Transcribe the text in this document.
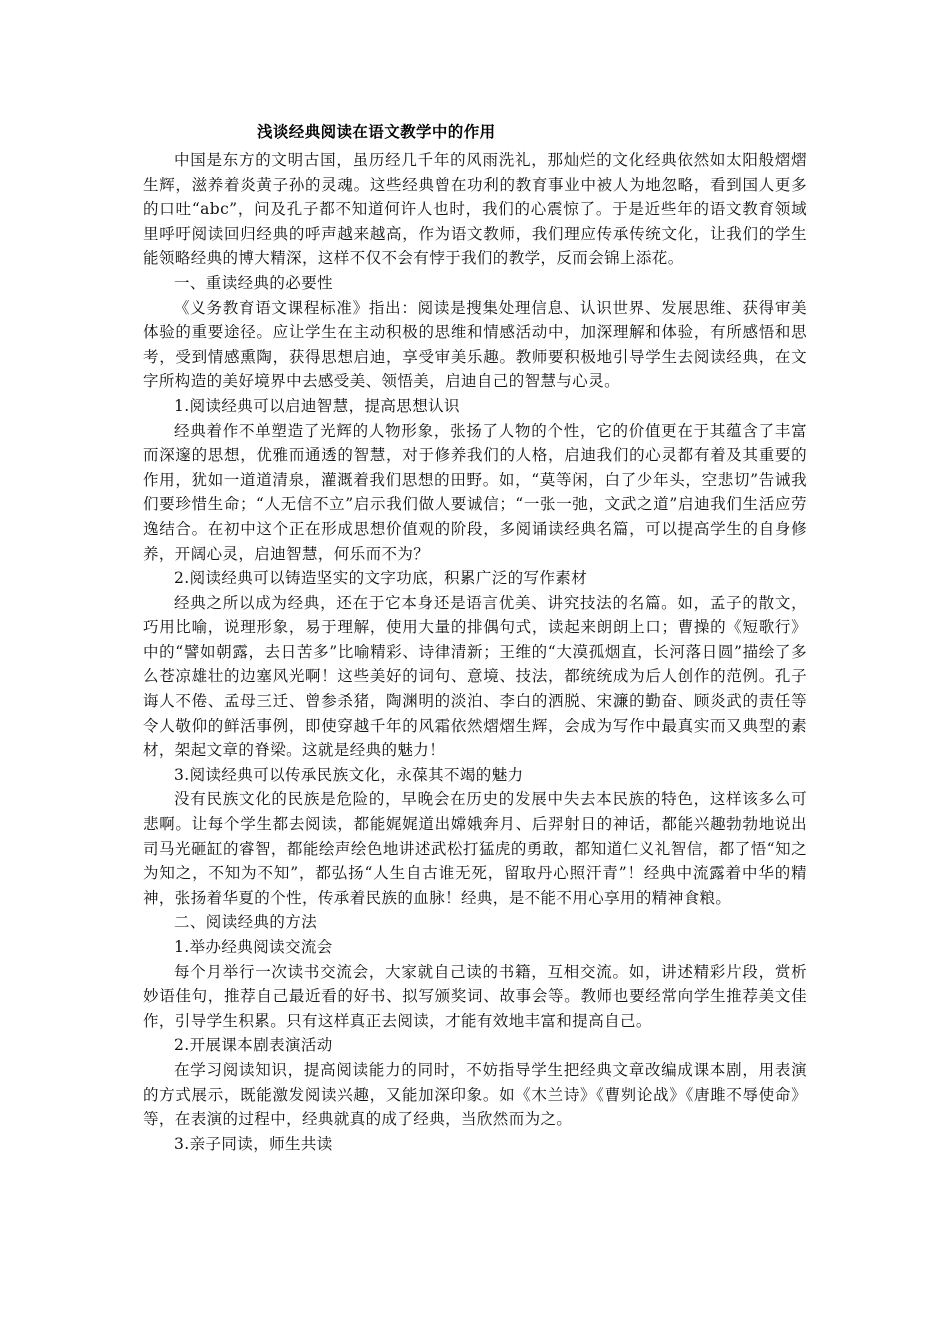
浅谈经典阅读在语文教学中的作用

中国是东方的文明古国，虽历经几千年的风雨洗礼，那灿烂的文化经典依然如太阳般熠熠生辉，滋养着炎黄子孙的灵魂。这些经典曾在功利的教育事业中被人为地忽略，看到国人更多的口吐“abc”，问及孔子都不知道何许人也时，我们的心震惊了。于是近些年的语文教育领域里呼吁阅读回归经典的呼声越来越高，作为语文教师，我们理应传承传统文化，让我们的学生能领略经典的博大精深，这样不仅不会有悖于我们的教学，反而会锦上添花。

一、重读经典的必要性

《义务教育语文课程标准》指出：阅读是搜集处理信息、认识世界、发展思维、获得审美体验的重要途径。应让学生在主动积极的思维和情感活动中，加深理解和体验，有所感悟和思考，受到情感熏陶，获得思想启迪，享受审美乐趣。教师要积极地引导学生去阅读经典，在文字所构造的美好境界中去感受美、领悟美，启迪自己的智慧与心灵。

1.阅读经典可以启迪智慧，提高思想认识

经典着作不单塑造了光辉的人物形象，张扬了人物的个性，它的价值更在于其蕴含了丰富而深邃的思想，优雅而通透的智慧，对于修养我们的人格，启迪我们的心灵都有着及其重要的作用，犹如一道道清泉，灌溉着我们思想的田野。如，“莫等闲，白了少年头，空悲切”告诫我们要珍惜生命；“人无信不立”启示我们做人要诚信；“一张一弛，文武之道”启迪我们生活应劳逸结合。在初中这个正在形成思想价值观的阶段，多阅诵读经典名篇，可以提高学生的自身修养，开阔心灵，启迪智慧，何乐而不为？

2.阅读经典可以铸造坚实的文字功底，积累广泛的写作素材

经典之所以成为经典，还在于它本身还是语言优美、讲究技法的名篇。如，孟子的散文，巧用比喻，说理形象，易于理解，使用大量的排偶句式，读起来朗朗上口；曹操的《短歌行》中的“譬如朝露，去日苦多”比喻精彩、诗律清新；王维的“大漠孤烟直，长河落日圆”描绘了多么苍凉雄壮的边塞风光啊！这些美好的词句、意境、技法，都统统成为后人创作的范例。孔子诲人不倦、孟母三迁、曾参杀猪，陶渊明的淡泊、李白的洒脱、宋濂的勤奋、顾炎武的责任等令人敬仰的鲜活事例，即使穿越千年的风霜依然熠熠生辉，会成为写作中最真实而又典型的素材，架起文章的脊梁。这就是经典的魅力！

3.阅读经典可以传承民族文化，永葆其不竭的魅力

没有民族文化的民族是危险的，早晚会在历史的发展中失去本民族的特色，这样该多么可悲啊。让每个学生都去阅读，都能娓娓道出嫦娥奔月、后羿射日的神话，都能兴趣勃勃地说出司马光砸缸的睿智，都能绘声绘色地讲述武松打猛虎的勇敢，都知道仁义礼智信，都了悟“知之为知之，不知为不知”，都弘扬“人生自古谁无死，留取丹心照汗青”！经典中流露着中华的精神，张扬着华夏的个性，传承着民族的血脉！经典，是不能不用心享用的精神食粮。

二、阅读经典的方法

1.举办经典阅读交流会

每个月举行一次读书交流会，大家就自己读的书籍，互相交流。如，讲述精彩片段，赏析妙语佳句，推荐自己最近看的好书、拟写颁奖词、故事会等。教师也要经常向学生推荐美文佳作，引导学生积累。只有这样真正去阅读，才能有效地丰富和提高自己。

2.开展课本剧表演活动

在学习阅读知识，提高阅读能力的同时，不妨指导学生把经典文章改编成课本剧，用表演的方式展示，既能激发阅读兴趣，又能加深印象。如《木兰诗》《曹刿论战》《唐雎不辱使命》等，在表演的过程中，经典就真的成了经典，当欣然而为之。

3.亲子同读，师生共读
